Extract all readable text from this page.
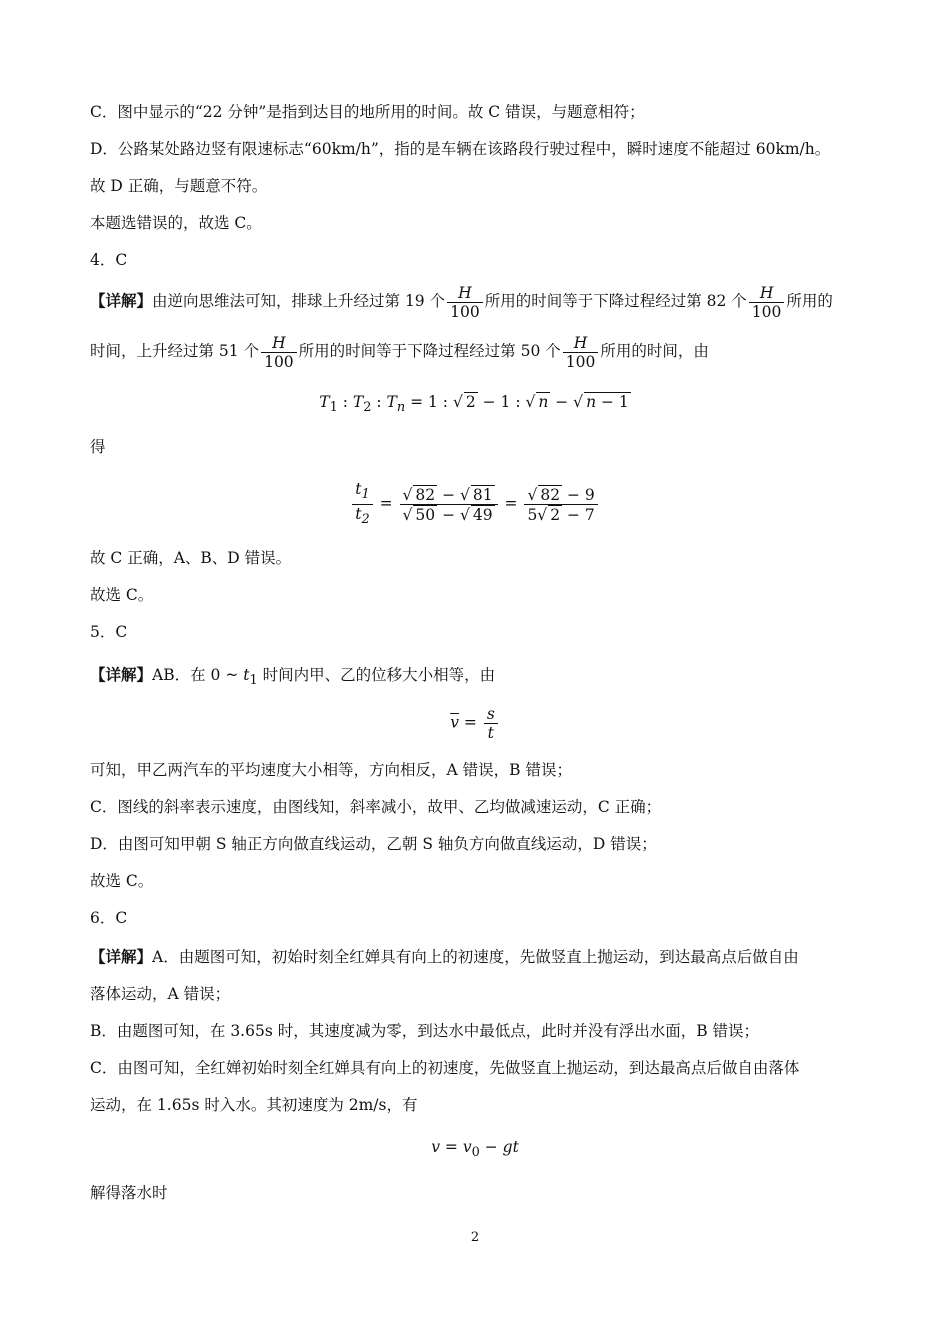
C．图中显示的“22 分钟”是指到达目的地所用的时间。故 C 错误，与题意相符；
D．公路某处路边竖有限速标志“60km/h”，指的是车辆在该路段行驶过程中，瞬时速度不能超过 60km/h。
故 D 正确，与题意不符。
本题选错误的，故选 C。
4．C
【详解】由逆向思维法可知，排球上升经过第 19 个 $\frac{H}{100}$ 所用的时间等于下降过程经过第 82 个 $\frac{H}{100}$ 所用的
时间，上升经过第 51 个 $\frac{H}{100}$ 所用的时间等于下降过程经过第 50 个 $\frac{H}{100}$ 所用的时间，由
$T_1$ : $T_2$ : $T_n = 1$ : √ 2 − 1 : √ n − √ n − 1
得
$\frac{t_1}{t_2} = \frac{√ 82 - √ 81}{√ 50 - √ 49} = \frac{√ 82 - 9}{5√ 2 - 7}$
故 C 正确，A、B、D 错误。
故选 C。
5．C
【详解】AB．在 0 ~ $t_1$ 时间内甲、乙的位移大小相等，由
$\overline{v} = \frac{s}{t}$
可知，甲乙两汽车的平均速度大小相等，方向相反，A 错误，B 错误；
C．图线的斜率表示速度，由图线知，斜率减小，故甲、乙均做减速运动，C 正确；
D．由图可知甲朝 S 轴正方向做直线运动，乙朝 S 轴负方向做直线运动，D 错误；
故选 C。
6．C
【详解】A．由题图可知，初始时刻全红婵具有向上的初速度，先做竖直上抛运动，到达最高点后做自由
落体运动，A 错误；
B．由题图可知，在 3.65s 时，其速度减为零，到达水中最低点，此时并没有浮出水面，B 错误；
C．由图可知，全红婵初始时刻全红婵具有向上的初速度，先做竖直上抛运动，到达最高点后做自由落体
运动，在 1.65s 时入水。其初速度为 2m/s，有
$v = v_0$ − gt
解得落水时
2
